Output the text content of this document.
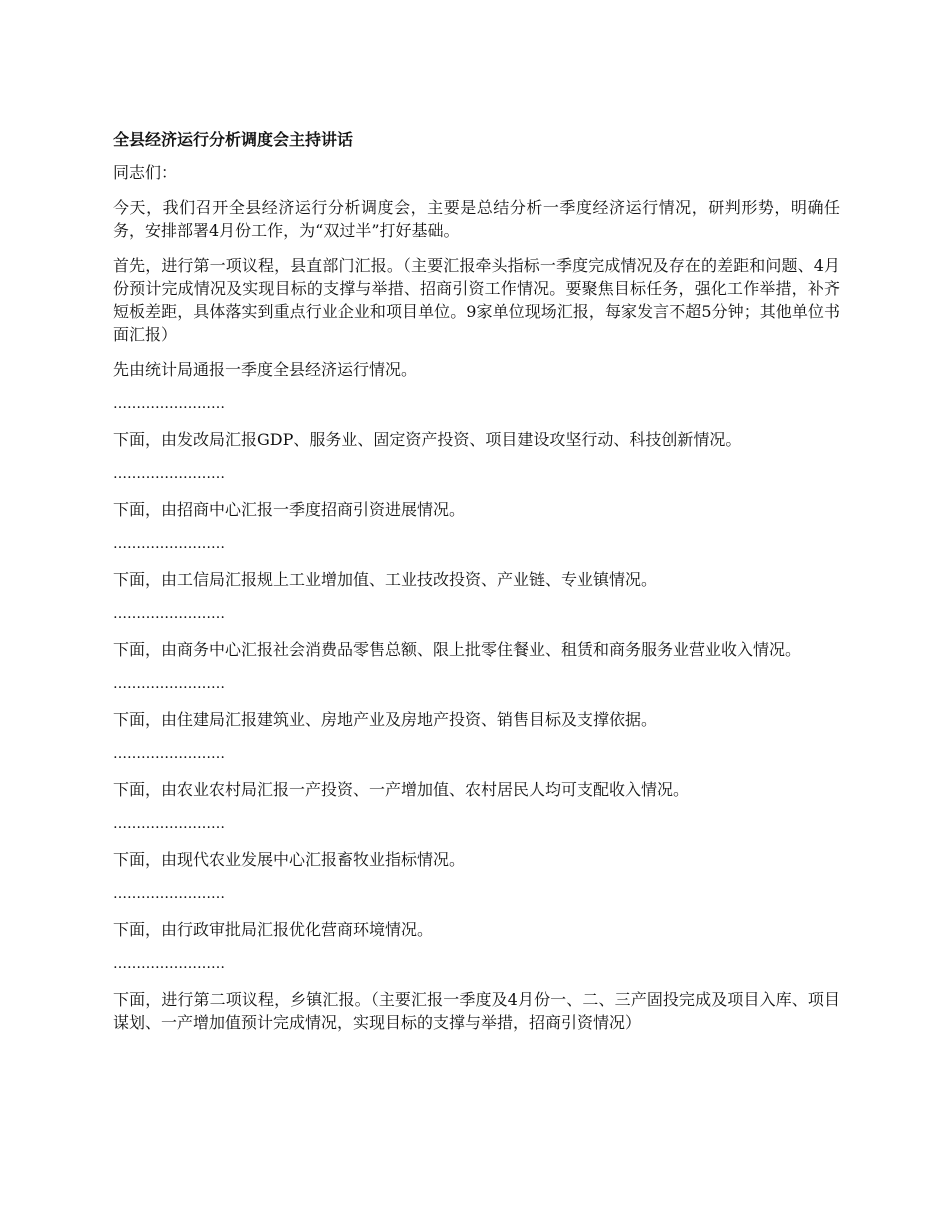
全县经济运行分析调度会主持讲话

同志们：

今天，我们召开全县经济运行分析调度会，主要是总结分析一季度经济运行情况，研判形势，明确任务，安排部署4月份工作，为“双过半”打好基础。

首先，进行第一项议程，县直部门汇报。（主要汇报牵头指标一季度完成情况及存在的差距和问题、4月份预计完成情况及实现目标的支撑与举措、招商引资工作情况。要聚焦目标任务，强化工作举措，补齐短板差距，具体落实到重点行业企业和项目单位。9家单位现场汇报，每家发言不超5分钟；其他单位书面汇报）

先由统计局通报一季度全县经济运行情况。

……………………

下面，由发改局汇报GDP、服务业、固定资产投资、项目建设攻坚行动、科技创新情况。

……………………

下面，由招商中心汇报一季度招商引资进展情况。

……………………

下面，由工信局汇报规上工业增加值、工业技改投资、产业链、专业镇情况。

……………………

下面，由商务中心汇报社会消费品零售总额、限上批零住餐业、租赁和商务服务业营业收入情况。

……………………

下面，由住建局汇报建筑业、房地产业及房地产投资、销售目标及支撑依据。

……………………

下面，由农业农村局汇报一产投资、一产增加值、农村居民人均可支配收入情况。

……………………

下面，由现代农业发展中心汇报畜牧业指标情况。

……………………

下面，由行政审批局汇报优化营商环境情况。

……………………

下面，进行第二项议程，乡镇汇报。（主要汇报一季度及4月份一、二、三产固投完成及项目入库、项目谋划、一产增加值预计完成情况，实现目标的支撑与举措，招商引资情况）
